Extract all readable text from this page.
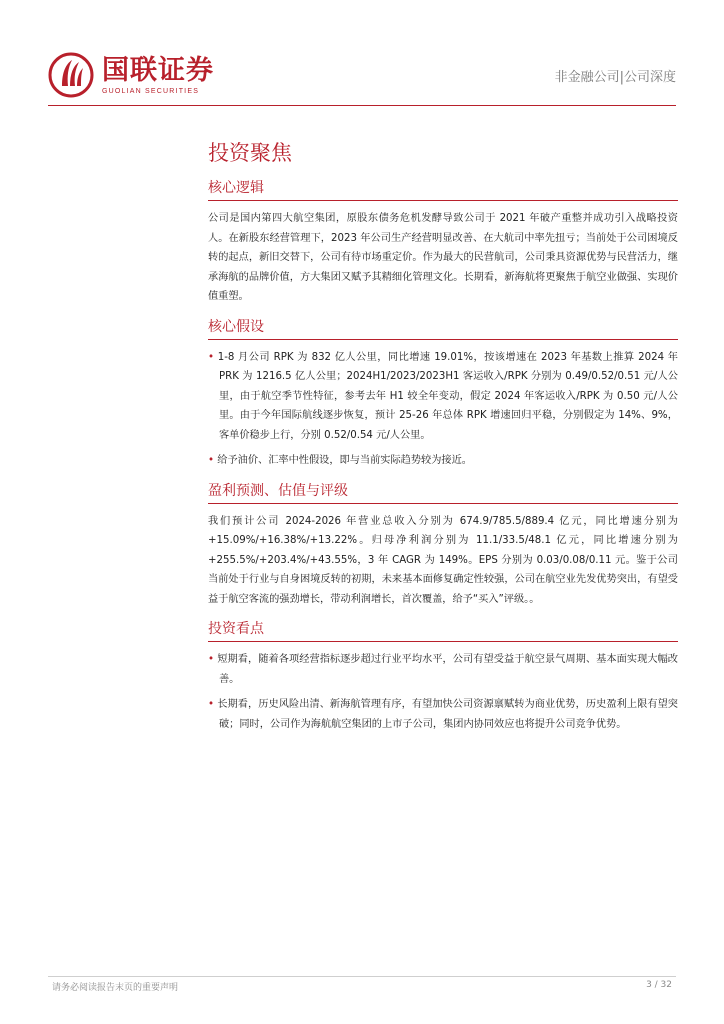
国联证券
GUOLIAN SECURITIES
非金融公司|公司深度
投资聚焦
核心逻辑

公司是国内第四大航空集团，原股东债务危机发酵导致公司于 2021 年破产重整并成功引入战略投资人。在新股东经营管理下，2023 年公司生产经营明显改善、在大航司中率先扭亏；当前处于公司困境反转的起点，新旧交替下，公司有待市场重定价。作为最大的民营航司，公司秉具资源优势与民营活力，继承海航的品牌价值，方大集团又赋予其精细化管理文化。长期看，新海航将更聚焦于航空业做强、实现价值重塑。

核心假设

• 1-8 月公司 RPK 为 832 亿人公里，同比增速 19.01%，按该增速在 2023 年基数上推算 2024 年 PRK 为 1216.5 亿人公里；2024H1/2023/2023H1 客运收入/RPK 分别为 0.49/0.52/0.51 元/人公里，由于航空季节性特征，参考去年 H1 较全年变动，假定 2024 年客运收入/RPK 为 0.50 元/人公里。由于今年国际航线逐步恢复，预计 25-26 年总体 RPK 增速回归平稳，分别假定为 14%、9%，客单价稳步上行，分别 0.52/0.54 元/人公里。

• 给予油价、汇率中性假设，即与当前实际趋势较为接近。

盈利预测、估值与评级

我们预计公司 2024-2026 年营业总收入分别为 674.9/785.5/889.4 亿元，同比增速分别为+15.09%/+16.38%/+13.22%。归母净利润分别为 11.1/33.5/48.1 亿元，同比增速分别为+255.5%/+203.4%/+43.55%，3 年 CAGR 为 149%。EPS 分别为 0.03/0.08/0.11 元。鉴于公司当前处于行业与自身困境反转的初期，未来基本面修复确定性较强，公司在航空业先发优势突出，有望受益于航空客流的强劲增长，带动利润增长，首次覆盖，给予“买入”评级。。

投资看点

• 短期看，随着各项经营指标逐步超过行业平均水平，公司有望受益于航空景气周期、基本面实现大幅改善。

• 长期看，历史风险出清、新海航管理有序，有望加快公司资源禀赋转为商业优势，历史盈利上限有望突破；同时，公司作为海航航空集团的上市子公司，集团内协同效应也将提升公司竞争优势。

请务必阅读报告末页的重要声明	3 / 32
